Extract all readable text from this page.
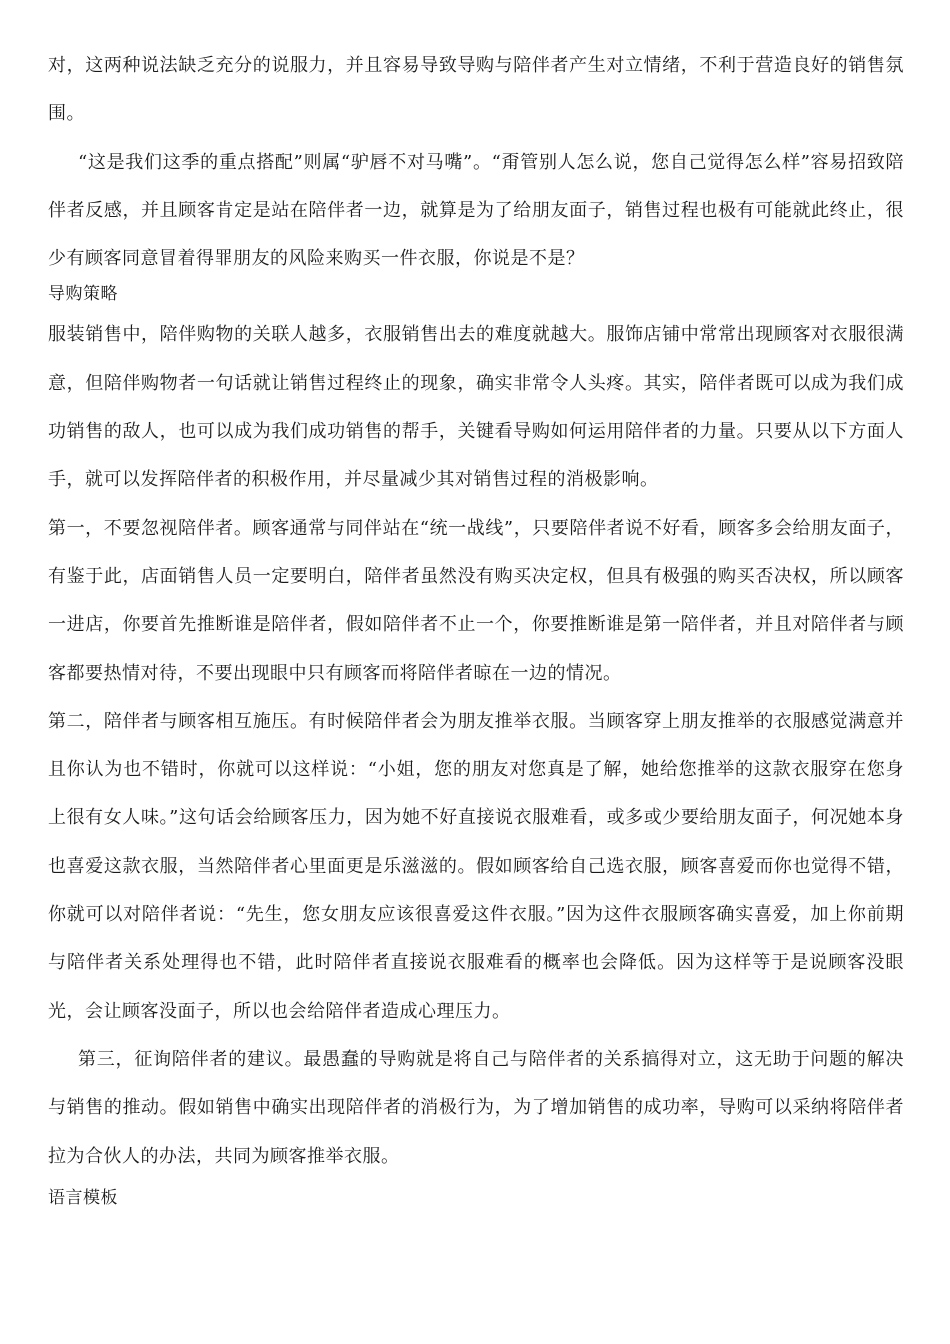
对，这两种说法缺乏充分的说服力，并且容易导致导购与陪伴者产生对立情绪，不利于营造良好的销售氛围。

“这是我们这季的重点搭配”则属“驴唇不对马嘴”。“甭管别人怎么说，您自己觉得怎么样”容易招致陪伴者反感，并且顾客肯定是站在陪伴者一边，就算是为了给朋友面子，销售过程也极有可能就此终止，很少有顾客同意冒着得罪朋友的风险来购买一件衣服，你说是不是？

导购策略

服装销售中，陪伴购物的关联人越多，衣服销售出去的难度就越大。服饰店铺中常常出现顾客对衣服很满意，但陪伴购物者一句话就让销售过程终止的现象，确实非常令人头疼。其实，陪伴者既可以成为我们成功销售的敌人，也可以成为我们成功销售的帮手，关键看导购如何运用陪伴者的力量。只要从以下方面人手，就可以发挥陪伴者的积极作用，并尽量减少其对销售过程的消极影响。

第一，不要忽视陪伴者。顾客通常与同伴站在“统一战线”，只要陪伴者说不好看，顾客多会给朋友面子，有鉴于此，店面销售人员一定要明白，陪伴者虽然没有购买决定权，但具有极强的购买否决权，所以顾客一进店，你要首先推断谁是陪伴者，假如陪伴者不止一个，你要推断谁是第一陪伴者，并且对陪伴者与顾客都要热情对待，不要出现眼中只有顾客而将陪伴者晾在一边的情况。

第二，陪伴者与顾客相互施压。有时候陪伴者会为朋友推举衣服。当顾客穿上朋友推举的衣服感觉满意并且你认为也不错时，你就可以这样说：“小姐，您的朋友对您真是了解，她给您推举的这款衣服穿在您身上很有女人味。”这句话会给顾客压力，因为她不好直接说衣服难看，或多或少要给朋友面子，何况她本身也喜爱这款衣服，当然陪伴者心里面更是乐滋滋的。假如顾客给自己选衣服，顾客喜爱而你也觉得不错，你就可以对陪伴者说：“先生，您女朋友应该很喜爱这件衣服。”因为这件衣服顾客确实喜爱，加上你前期与陪伴者关系处理得也不错，此时陪伴者直接说衣服难看的概率也会降低。因为这样等于是说顾客没眼光，会让顾客没面子，所以也会给陪伴者造成心理压力。

第三，征询陪伴者的建议。最愚蠢的导购就是将自己与陪伴者的关系搞得对立，这无助于问题的解决与销售的推动。假如销售中确实出现陪伴者的消极行为，为了增加销售的成功率，导购可以采纳将陪伴者拉为合伙人的办法，共同为顾客推举衣服。

语言模板
